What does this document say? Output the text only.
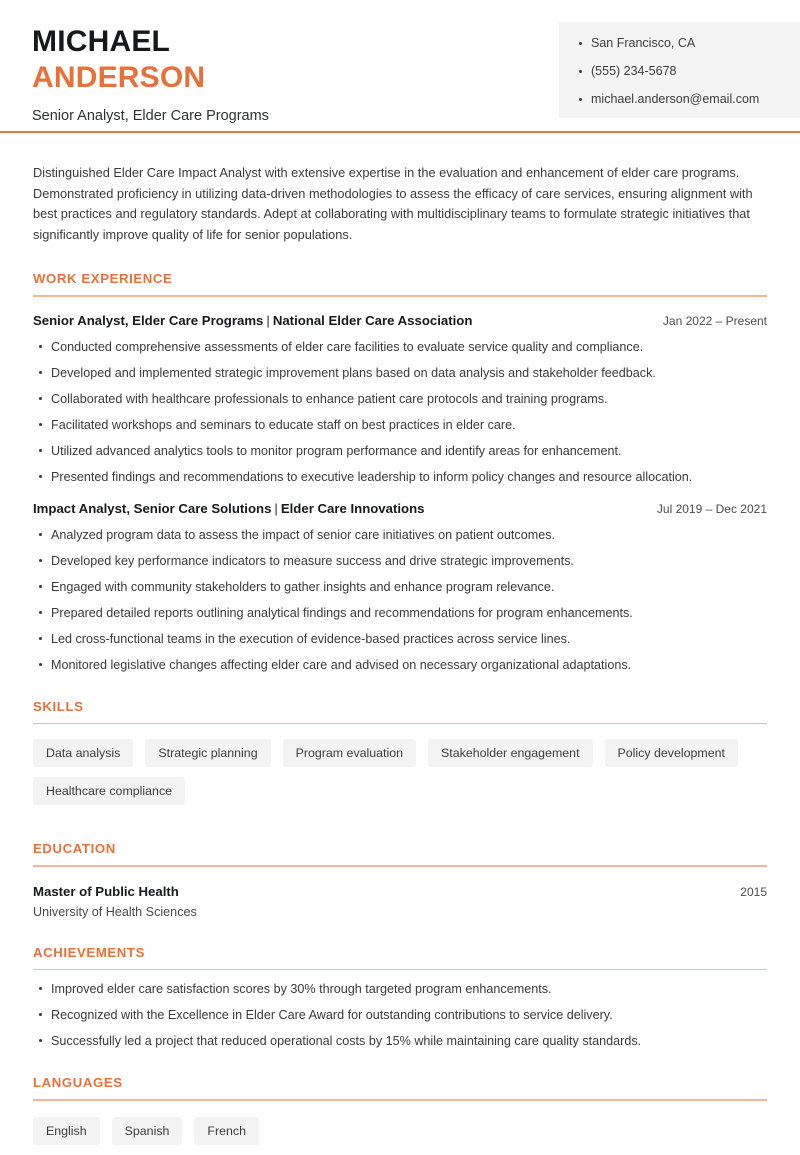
San Francisco, CA
(555) 234-5678
michael.anderson@email.com
MICHAEL
ANDERSON
Senior Analyst, Elder Care Programs
Distinguished Elder Care Impact Analyst with extensive expertise in the evaluation and enhancement of elder care programs. Demonstrated proficiency in utilizing data-driven methodologies to assess the efficacy of care services, ensuring alignment with best practices and regulatory standards. Adept at collaborating with multidisciplinary teams to formulate strategic initiatives that significantly improve quality of life for senior populations.
WORK EXPERIENCE
Senior Analyst, Elder Care Programs | National Elder Care Association	Jan 2022 – Present
Conducted comprehensive assessments of elder care facilities to evaluate service quality and compliance.
Developed and implemented strategic improvement plans based on data analysis and stakeholder feedback.
Collaborated with healthcare professionals to enhance patient care protocols and training programs.
Facilitated workshops and seminars to educate staff on best practices in elder care.
Utilized advanced analytics tools to monitor program performance and identify areas for enhancement.
Presented findings and recommendations to executive leadership to inform policy changes and resource allocation.
Impact Analyst, Senior Care Solutions | Elder Care Innovations	Jul 2019 – Dec 2021
Analyzed program data to assess the impact of senior care initiatives on patient outcomes.
Developed key performance indicators to measure success and drive strategic improvements.
Engaged with community stakeholders to gather insights and enhance program relevance.
Prepared detailed reports outlining analytical findings and recommendations for program enhancements.
Led cross-functional teams in the execution of evidence-based practices across service lines.
Monitored legislative changes affecting elder care and advised on necessary organizational adaptations.
SKILLS
Data analysis	Strategic planning	Program evaluation	Stakeholder engagement	Policy development
Healthcare compliance
EDUCATION
Master of Public Health	2015
University of Health Sciences
ACHIEVEMENTS
Improved elder care satisfaction scores by 30% through targeted program enhancements.
Recognized with the Excellence in Elder Care Award for outstanding contributions to service delivery.
Successfully led a project that reduced operational costs by 15% while maintaining care quality standards.
LANGUAGES
English	Spanish	French
